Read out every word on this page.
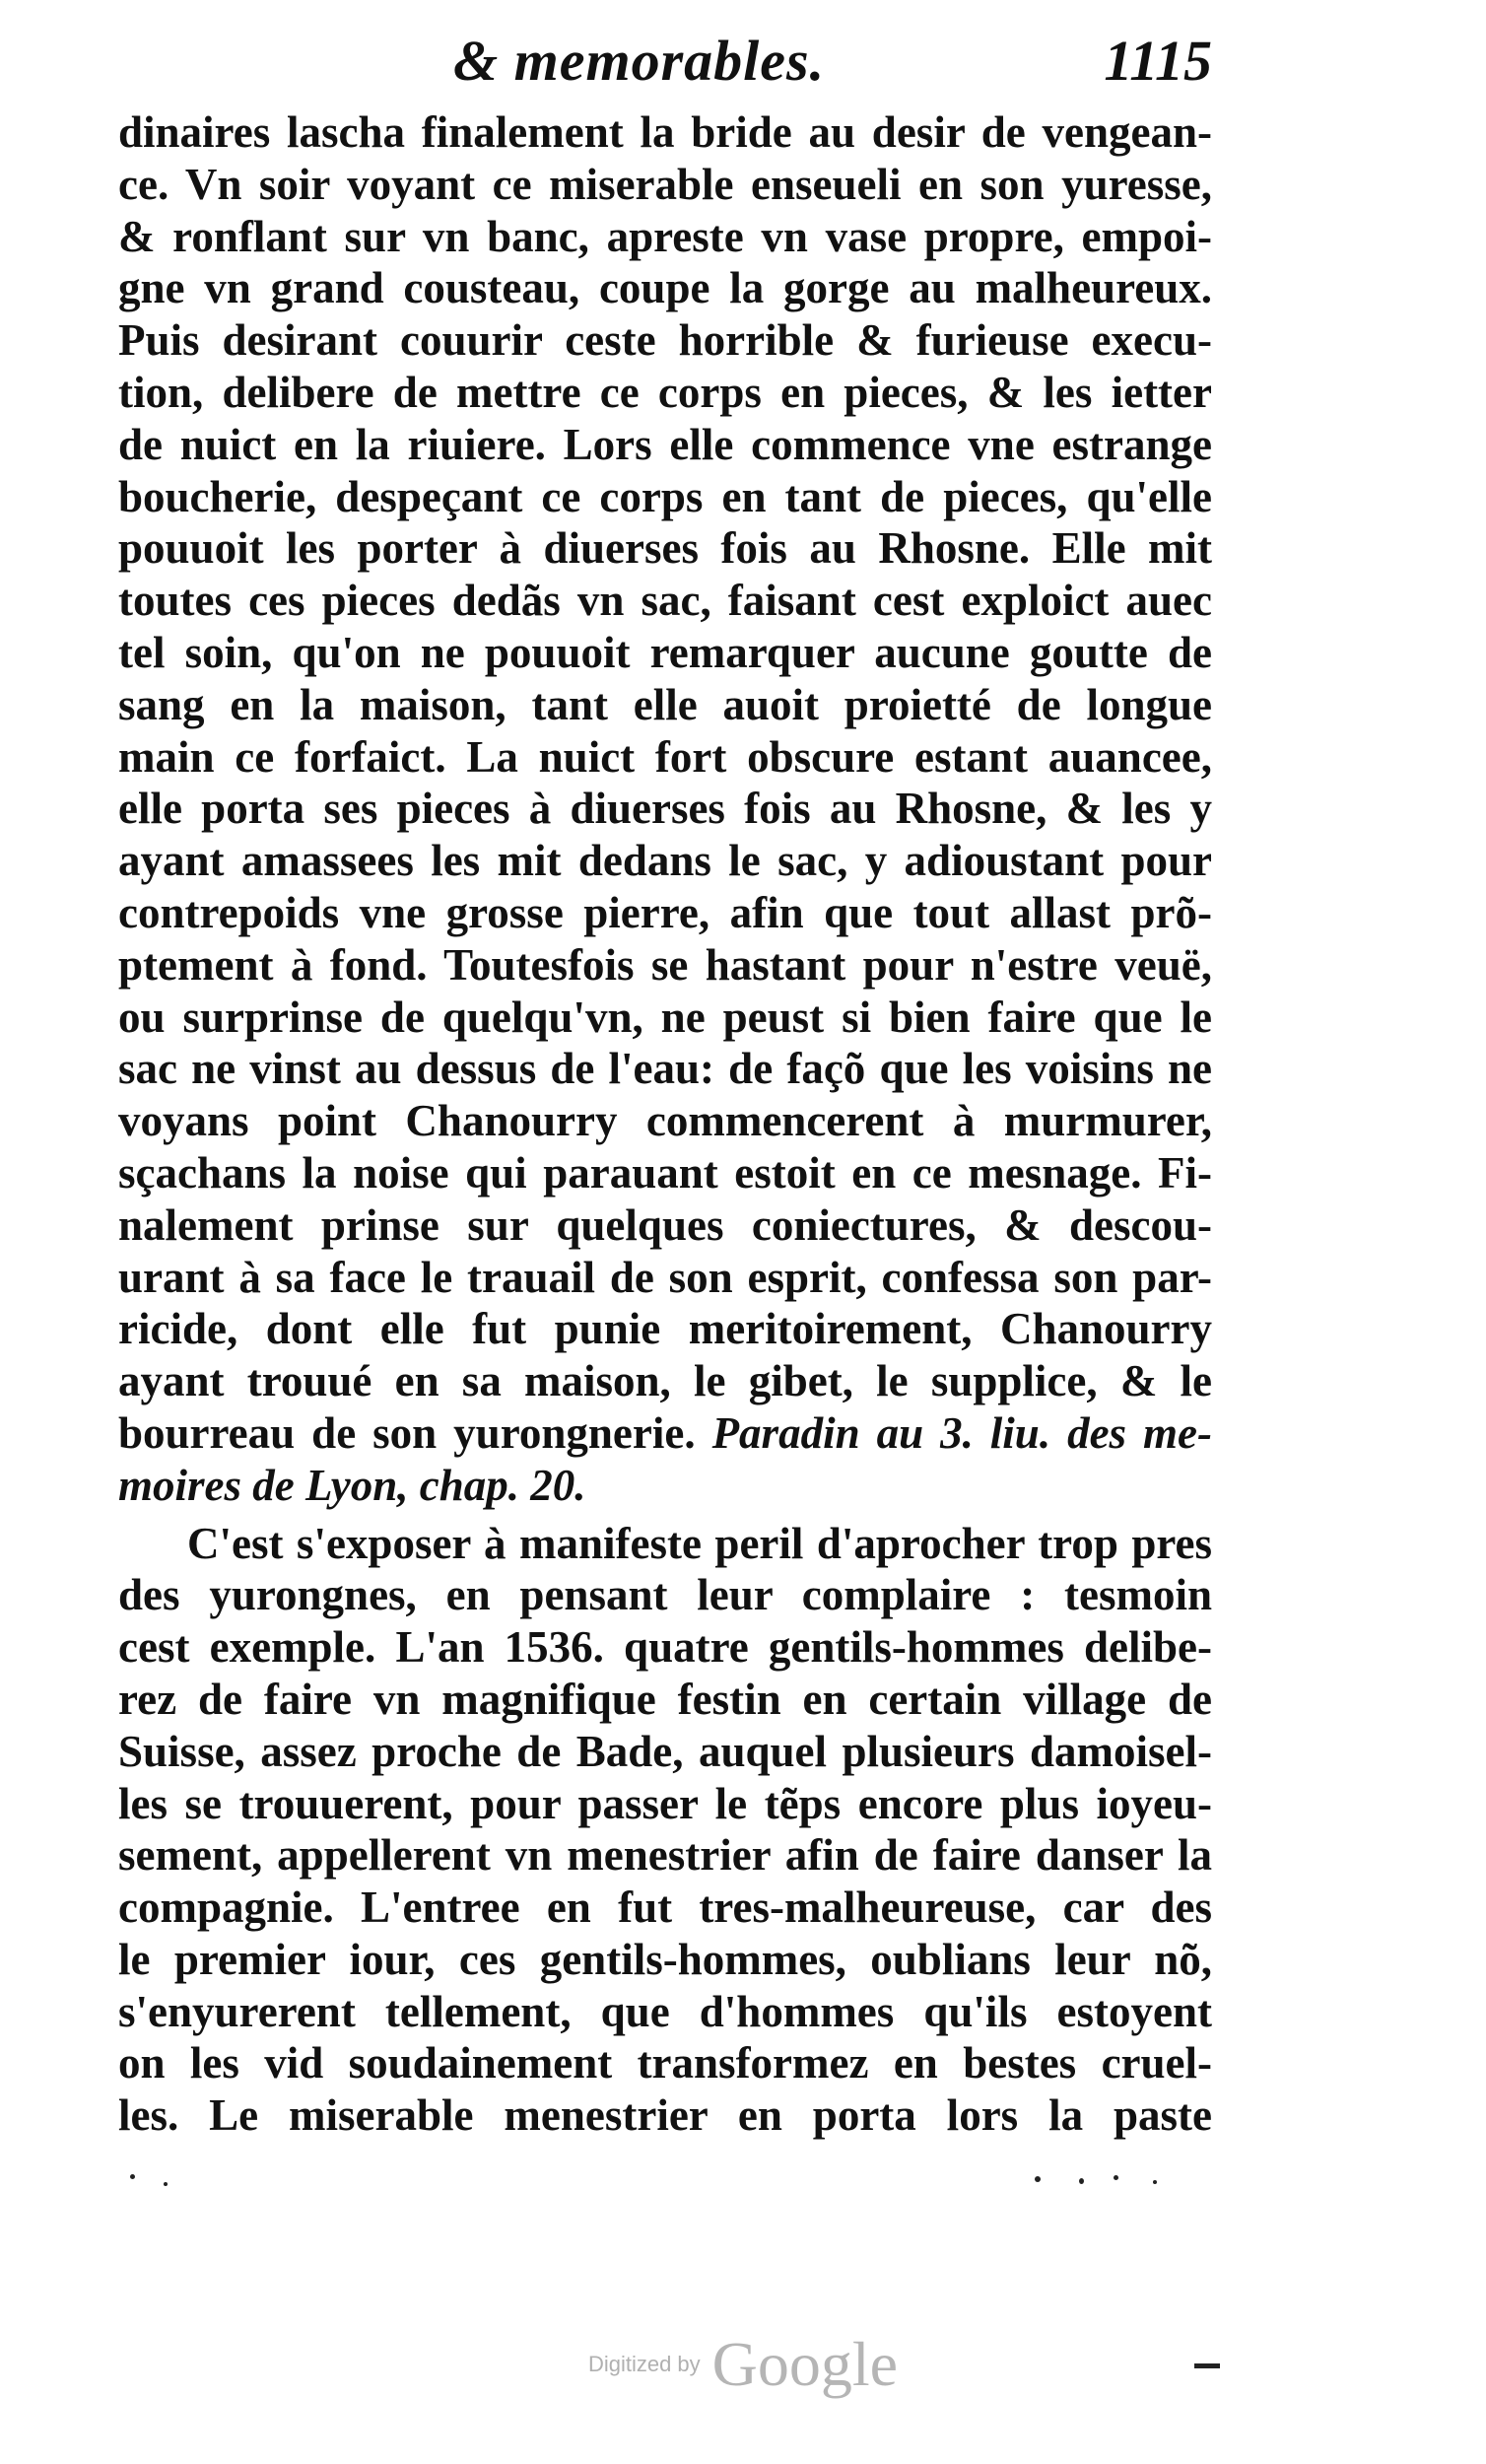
& memorables.	1115
dinaires lascha finalement la bride au desir de vengean-
ce. Vn soir voyant ce miserable enseueli en son yuresse,
& ronflant sur vn banc, apreste vn vase propre, empoi-
gne vn grand cousteau, coupe la gorge au malheureux.
Puis desirant couurir ceste horrible & furieuse execu-
tion, delibere de mettre ce corps en pieces, & les ietter
de nuict en la riuiere. Lors elle commence vne estrange
boucherie, despeçant ce corps en tant de pieces, qu'elle
pouuoit les porter à diuerses fois au Rhosne. Elle mit
toutes ces pieces dedãs vn sac, faisant cest exploict auec
tel soin, qu'on ne pouuoit remarquer aucune goutte de
sang en la maison, tant elle auoit proietté de longue
main ce forfaict. La nuict fort obscure estant auancee,
elle porta ses pieces à diuerses fois au Rhosne, & les y
ayant amassees les mit dedans le sac, y adioustant pour
contrepoids vne grosse pierre, afin que tout allast prõ-
ptement à fond. Toutesfois se hastant pour n'estre veuë,
ou surprinse de quelqu'vn, ne peust si bien faire que le
sac ne vinst au dessus de l'eau: de façõ que les voisins ne
voyans point Chanourry commencerent à murmurer,
sçachans la noise qui parauant estoit en ce mesnage. Fi-
nalement prinse sur quelques coniectures, & descou-
urant à sa face le trauail de son esprit, confessa son par-
ricide, dont elle fut punie meritoirement, Chanourry
ayant trouué en sa maison, le gibet, le supplice, & le
bourreau de son yurongnerie. Paradin au 3. liu. des me-
moires de Lyon, chap. 20.
C'est s'exposer à manifeste peril d'aprocher trop pres
des yurongnes, en pensant leur complaire : tesmoin
cest exemple. L'an 1536. quatre gentils-hommes delibe-
rez de faire vn magnifique festin en certain village de
Suisse, assez proche de Bade, auquel plusieurs damoisel-
les se trouuerent, pour passer le tẽps encore plus ioyeu-
sement, appellerent vn menestrier afin de faire danser la
compagnie. L'entree en fut tres-malheureuse, car des
le premier iour, ces gentils-hommes, oublians leur nõ,
s'enyurerent tellement, que d'hommes qu'ils estoyent
on les vid soudainement transformez en bestes cruel-
les. Le miserable menestrier en porta lors la paste
Digitized by Google
